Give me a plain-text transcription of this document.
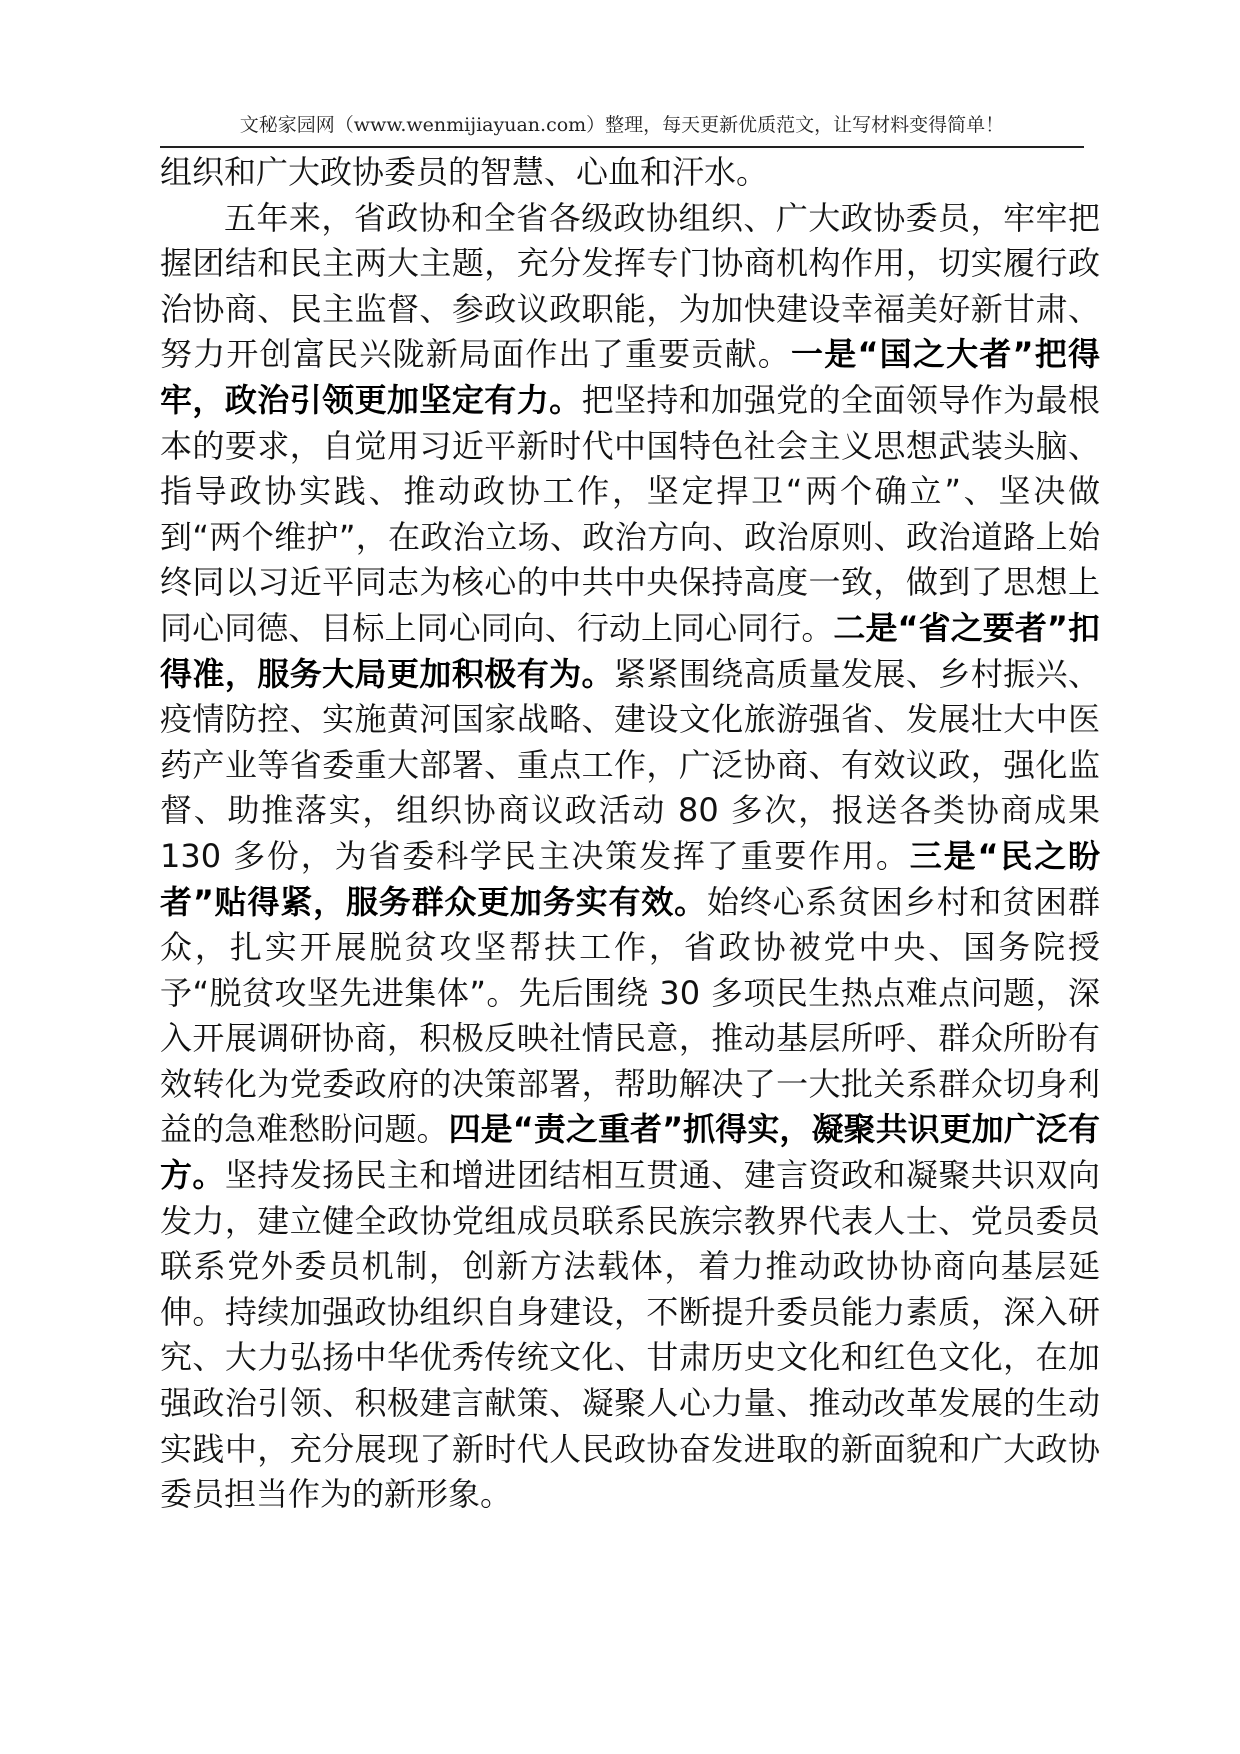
文秘家园网（www.wenmijiayuan.com）整理，每天更新优质范文，让写材料变得简单！

组织和广大政协委员的智慧、心血和汗水。

五年来，省政协和全省各级政协组织、广大政协委员，牢牢把握团结和民主两大主题，充分发挥专门协商机构作用，切实履行政治协商、民主监督、参政议政职能，为加快建设幸福美好新甘肃、努力开创富民兴陇新局面作出了重要贡献。一是“国之大者”把得牢，政治引领更加坚定有力。把坚持和加强党的全面领导作为最根本的要求，自觉用习近平新时代中国特色社会主义思想武装头脑、指导政协实践、推动政协工作，坚定捍卫“两个确立”、坚决做到“两个维护”，在政治立场、政治方向、政治原则、政治道路上始终同以习近平同志为核心的中共中央保持高度一致，做到了思想上同心同德、目标上同心同向、行动上同心同行。二是“省之要者”扣得准，服务大局更加积极有为。紧紧围绕高质量发展、乡村振兴、疫情防控、实施黄河国家战略、建设文化旅游强省、发展壮大中医药产业等省委重大部署、重点工作，广泛协商、有效议政，强化监督、助推落实，组织协商议政活动 80 多次，报送各类协商成果 130 多份，为省委科学民主决策发挥了重要作用。三是“民之盼者”贴得紧，服务群众更加务实有效。始终心系贫困乡村和贫困群众，扎实开展脱贫攻坚帮扶工作，省政协被党中央、国务院授予“脱贫攻坚先进集体”。先后围绕 30 多项民生热点难点问题，深入开展调研协商，积极反映社情民意，推动基层所呼、群众所盼有效转化为党委政府的决策部署，帮助解决了一大批关系群众切身利益的急难愁盼问题。四是“责之重者”抓得实，凝聚共识更加广泛有方。坚持发扬民主和增进团结相互贯通、建言资政和凝聚共识双向发力，建立健全政协党组成员联系民族宗教界代表人士、党员委员联系党外委员机制，创新方法载体，着力推动政协协商向基层延伸。持续加强政协组织自身建设，不断提升委员能力素质，深入研究、大力弘扬中华优秀传统文化、甘肃历史文化和红色文化，在加强政治引领、积极建言献策、凝聚人心力量、推动改革发展的生动实践中，充分展现了新时代人民政协奋发进取的新面貌和广大政协委员担当作为的新形象。
